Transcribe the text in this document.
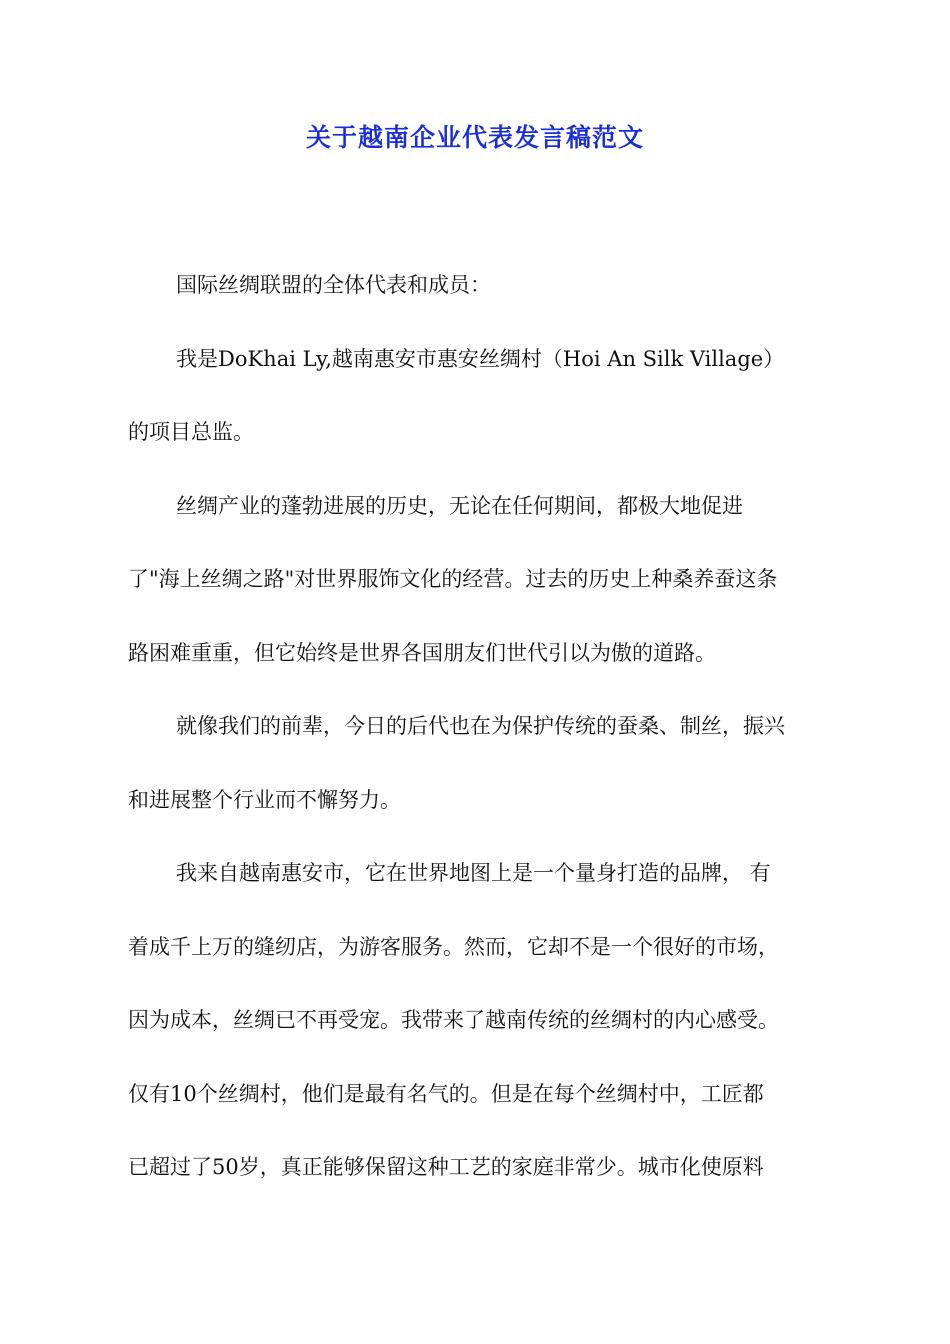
关于越南企业代表发言稿范文
国际丝绸联盟的全体代表和成员：
我是DoKhai Ly,越南惠安市惠安丝绸村（Hoi An Silk Village）
的项目总监。
丝绸产业的蓬勃进展的历史，无论在任何期间，都极大地促进
了"海上丝绸之路"对世界服饰文化的经营。过去的历史上种桑养蚕这条
路困难重重，但它始终是世界各国朋友们世代引以为傲的道路。
就像我们的前辈，今日的后代也在为保护传统的蚕桑、制丝，振兴
和进展整个行业而不懈努力。
我来自越南惠安市，它在世界地图上是一个量身打造的品牌， 有
着成千上万的缝纫店，为游客服务。然而，它却不是一个很好的市场，
因为成本，丝绸已不再受宠。我带来了越南传统的丝绸村的内心感受。
仅有10个丝绸村，他们是最有名气的。但是在每个丝绸村中，工匠都
已超过了50岁，真正能够保留这种工艺的家庭非常少。城市化使原料
